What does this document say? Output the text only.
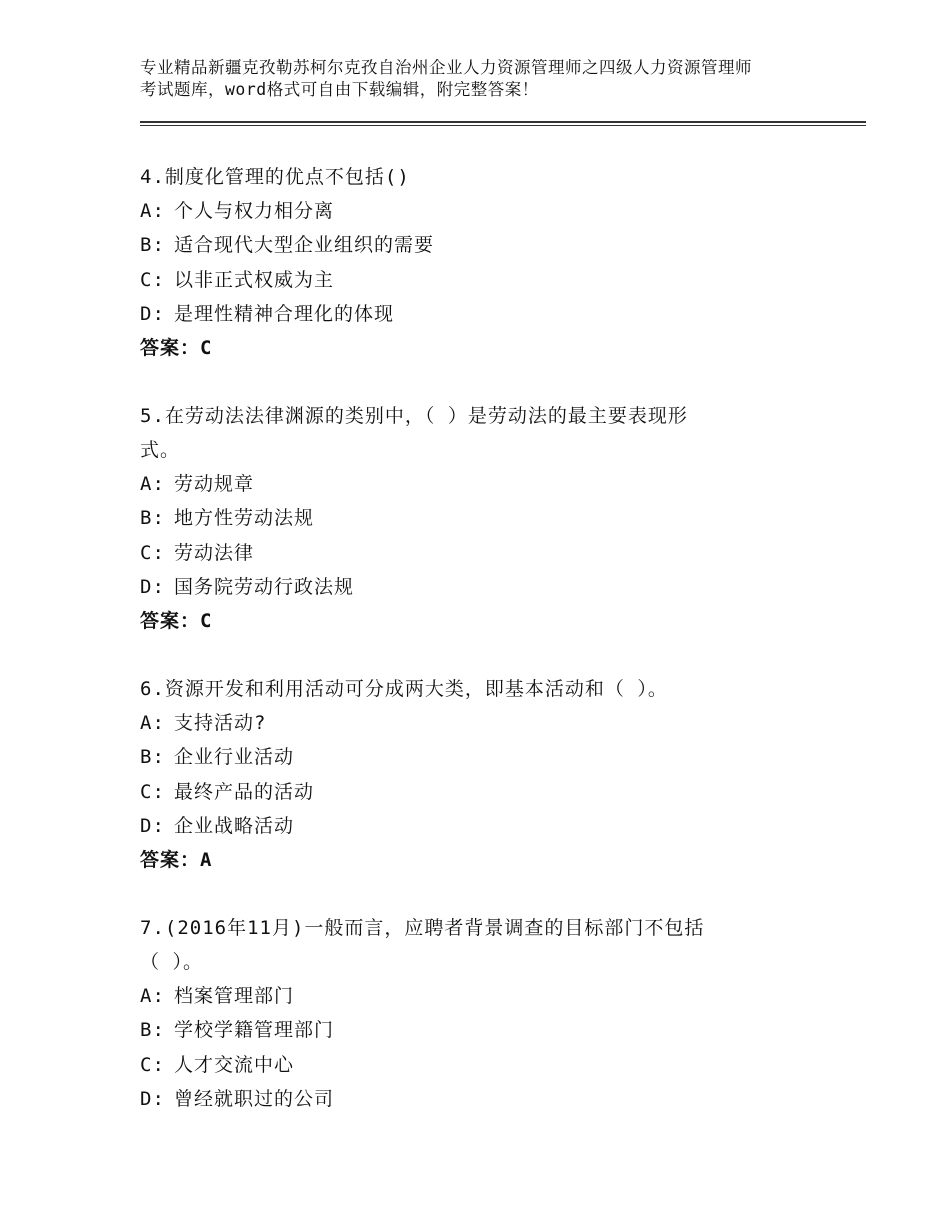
专业精品新疆克孜勒苏柯尔克孜自治州企业人力资源管理师之四级人力资源管理师
考试题库，word格式可自由下载编辑，附完整答案！
4.制度化管理的优点不包括()
A: 个人与权力相分离
B: 适合现代大型企业组织的需要
C: 以非正式权威为主
D: 是理性精神合理化的体现
答案：C
5.在劳动法法律渊源的类别中，（ ）是劳动法的最主要表现形
式。
A: 劳动规章
B: 地方性劳动法规
C: 劳动法律
D: 国务院劳动行政法规
答案：C
6.资源开发和利用活动可分成两大类，即基本活动和（ ）。
A: 支持活动?
B: 企业行业活动
C: 最终产品的活动
D: 企业战略活动
答案：A
7.(2016年11月)一般而言，应聘者背景调查的目标部门不包括
（ ）。
A: 档案管理部门
B: 学校学籍管理部门
C: 人才交流中心
D: 曾经就职过的公司
